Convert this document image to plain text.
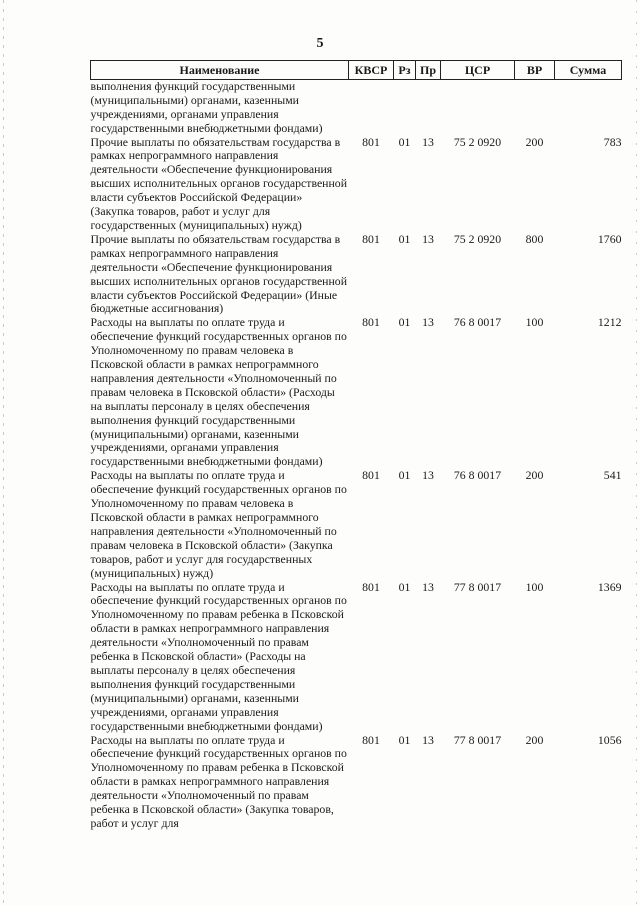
5
Наименование	КВСР	Рз	Пр	ЦСР	ВР	Сумма
выполнения функций государственными (муниципальными) органами, казенными учреждениями, органами управления государственными внебюджетными фондами)						
Прочие выплаты по обязательствам государства в рамках непрограммного направления деятельности «Обеспечение функционирования высших исполнительных органов государственной власти субъектов Российской Федерации» (Закупка товаров, работ и услуг для государственных (муниципальных) нужд)	801	01	13	75 2 0920	200	783
Прочие выплаты по обязательствам государства в рамках непрограммного направления деятельности «Обеспечение функционирования высших исполнительных органов государственной власти субъектов Российской Федерации» (Иные бюджетные ассигнования)	801	01	13	75 2 0920	800	1760
Расходы на выплаты по оплате труда и обеспечение функций государственных органов по Уполномоченному по правам человека в Псковской области в рамках непрограммного направления деятельности «Уполномоченный по правам человека в Псковской области» (Расходы на выплаты персоналу в целях обеспечения выполнения функций государственными (муниципальными) органами, казенными учреждениями, органами управления государственными внебюджетными фондами)	801	01	13	76 8 0017	100	1212
Расходы на выплаты по оплате труда и обеспечение функций государственных органов по Уполномоченному по правам человека в Псковской области в рамках непрограммного направления деятельности «Уполномоченный по правам человека в Псковской области» (Закупка товаров, работ и услуг для государственных (муниципальных) нужд)	801	01	13	76 8 0017	200	541
Расходы на выплаты по оплате труда и обеспечение функций государственных органов по Уполномоченному по правам ребенка в Псковской области в рамках непрограммного направления деятельности «Уполномоченный по правам ребенка в Псковской области» (Расходы на выплаты персоналу в целях обеспечения выполнения функций государственными (муниципальными) органами, казенными учреждениями, органами управления государственными внебюджетными фондами)	801	01	13	77 8 0017	100	1369
Расходы на выплаты по оплате труда и обеспечение функций государственных органов по Уполномоченному по правам ребенка в Псковской области в рамках непрограммного направления деятельности «Уполномоченный по правам ребенка в Псковской области» (Закупка товаров, работ и услуг для	801	01	13	77 8 0017	200	1056
